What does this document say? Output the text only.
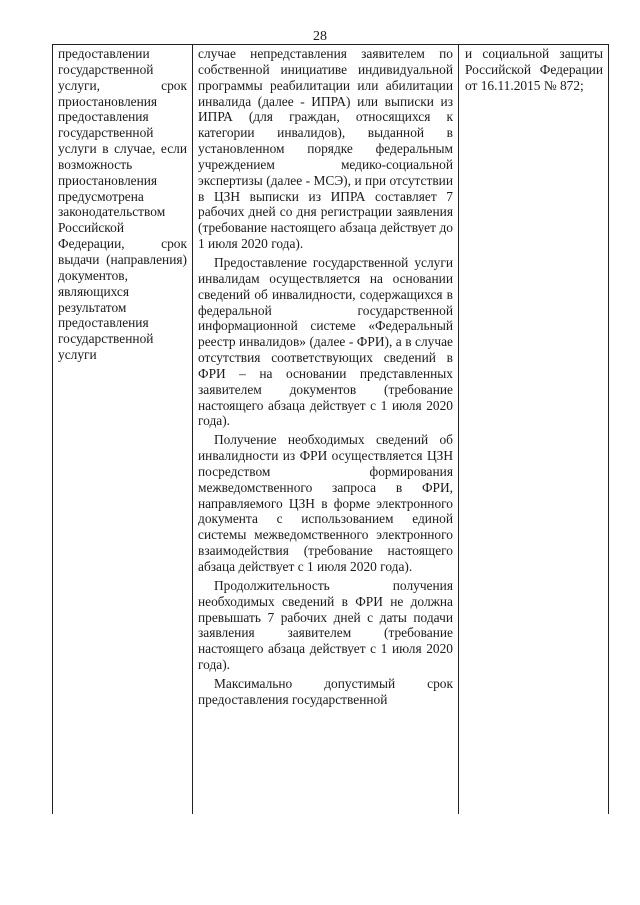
28

предоставлении государственной услуги, срок приостановления предоставления государственной услуги в случае, если возможность приостановления предусмотрена законодательством Российской Федерации, срок выдачи (направления) документов, являющихся результатом предоставления государственной услуги

случае непредставления заявителем по собственной инициативе индивидуальной программы реабилитации или абилитации инвалида (далее - ИПРА) или выписки из ИПРА (для граждан, относящихся к категории инвалидов), выданной в установленном порядке федеральным учреждением медико-социальной экспертизы (далее - МСЭ), и при отсутствии в ЦЗН выписки из ИПРА составляет 7 рабочих дней со дня регистрации заявления (требование настоящего абзаца действует до 1 июля 2020 года).

Предоставление государственной услуги инвалидам осуществляется на основании сведений об инвалидности, содержащихся в федеральной государственной информационной системе «Федеральный реестр инвалидов» (далее - ФРИ), а в случае отсутствия соответствующих сведений в ФРИ – на основании представленных заявителем документов (требование настоящего абзаца действует с 1 июля 2020 года).

Получение необходимых сведений об инвалидности из ФРИ осуществляется ЦЗН посредством формирования межведомственного запроса в ФРИ, направляемого ЦЗН в форме электронного документа с использованием единой системы межведомственного электронного взаимодействия (требование настоящего абзаца действует с 1 июля 2020 года).

Продолжительность получения необходимых сведений в ФРИ не должна превышать 7 рабочих дней с даты подачи заявления заявителем (требование настоящего абзаца действует с 1 июля 2020 года).

Максимально допустимый срок предоставления государственной

и социальной защиты Российской Федерации от 16.11.2015 № 872;
